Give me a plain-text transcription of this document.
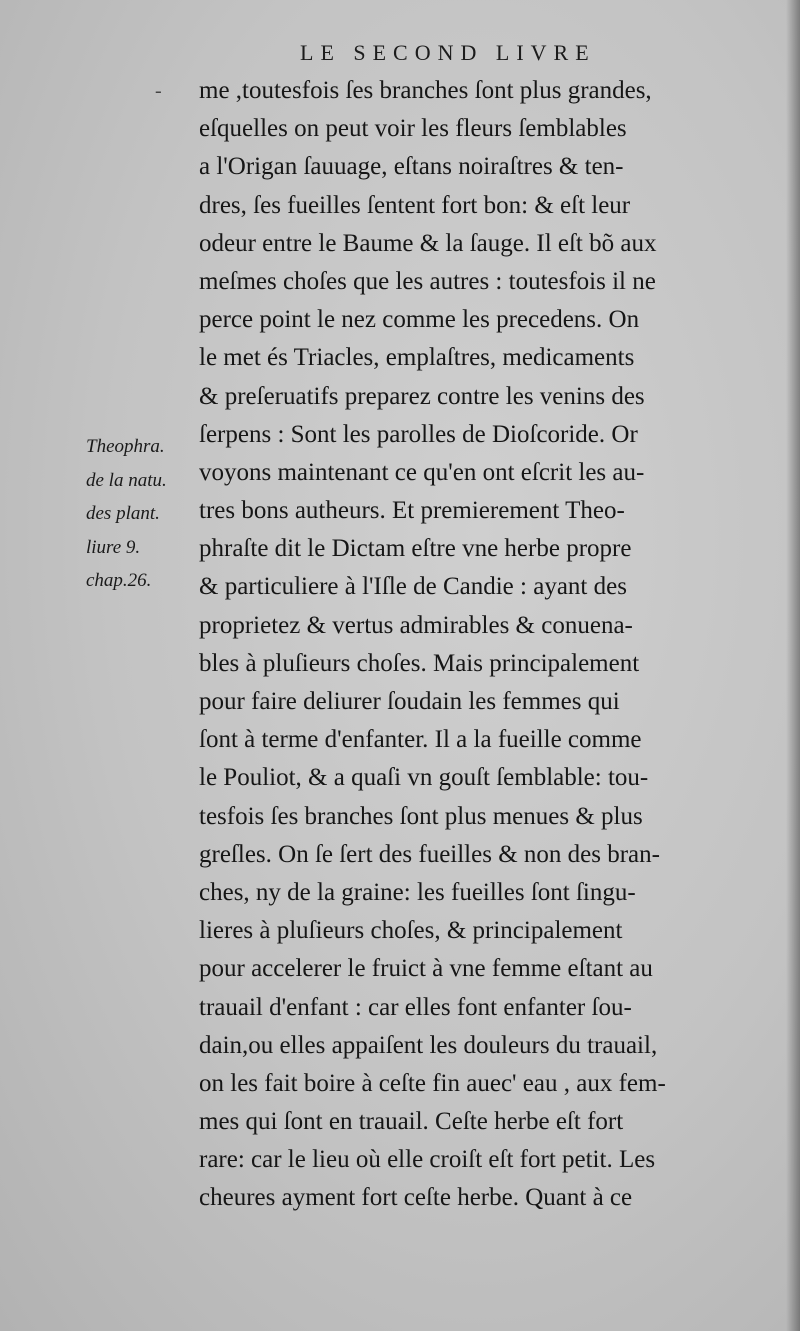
LE SECOND LIVRE
- me ,toutesfois ſes branches ſont plus grandes,
eſquelles on peut voir les fleurs ſemblables
a l'Origan ſauuage, eſtans noiraſtres & ten-
dres, ſes fueilles ſentent fort bon: & eſt leur
odeur entre le Baume & la ſauge. Il eſt bõ aux
meſmes choſes que les autres : toutesfois il ne
perce point le nez comme les precedens. On
le met és Triacles, emplaſtres, medicaments
& preſeruatifs preparez contre les venins des
ſerpens : Sont les parolles de Dioſcoride. Or
voyons maintenant ce qu'en ont eſcrit les au-
tres bons autheurs. Et premierement Theo-
phraſte dit le Dictam eſtre vne herbe propre
& particuliere à l'Iſle de Candie : ayant des
proprietez & vertus admirables & conuena-
bles à pluſieurs choſes. Mais principalement
pour faire deliurer ſoudain les femmes qui
ſont à terme d'enfanter. Il a la fueille comme
le Pouliot, & a quaſi vn gouſt ſemblable: tou-
tesfois ſes branches ſont plus menues & plus
greſles. On ſe ſert des fueilles & non des bran-
ches, ny de la graine: les fueilles ſont ſingu-
lieres à pluſieurs choſes, & principalement
pour accelerer le fruict à vne femme eſtant au
trauail d'enfant : car elles font enfanter ſou-
dain,ou elles appaiſent les douleurs du trauail,
on les fait boire à ceſte fin auec' eau , aux fem-
mes qui ſont en trauail. Ceſte herbe eſt fort
rare: car le lieu où elle croiſt eſt fort petit. Les
cheures ayment fort ceſte herbe. Quant à ce
Theophra.
de la natu.
des plant.
liure 9.
chap.26.
